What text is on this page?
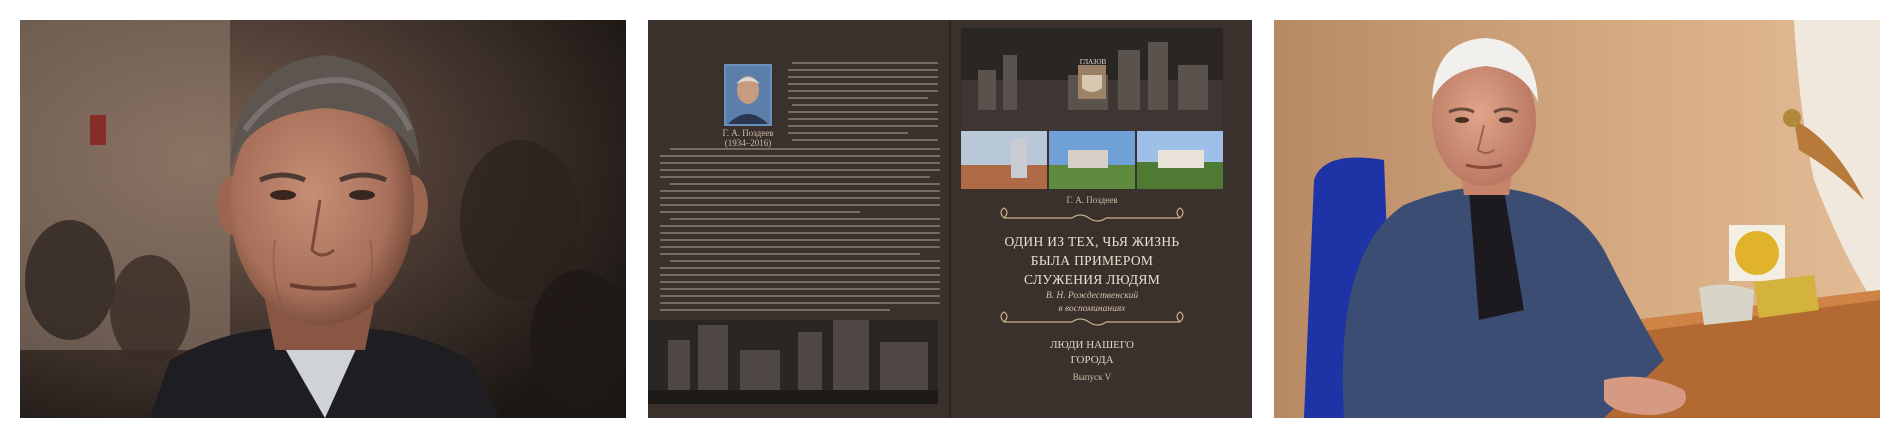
Г. А. Поздеев
(1934–2016)
ГЛАЗОВ
Г. А. Поздеев
ОДИН ИЗ ТЕХ, ЧЬЯ ЖИЗНЬ
БЫЛА ПРИМЕРОМ
СЛУЖЕНИЯ ЛЮДЯМ
В. Н. Рождественский
в воспоминаниях
ЛЮДИ НАШЕГО
ГОРОДА
Выпуск V
